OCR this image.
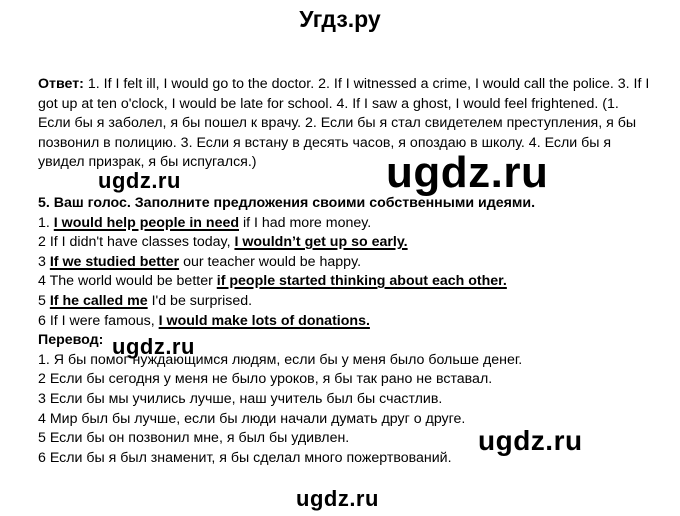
Угдз.ру
Ответ: 1. If I felt ill, I would go to the doctor. 2. If I witnessed a crime, I would call the police. 3. If I got up at ten o'clock, I would be late for school. 4. If I saw a ghost, I would feel frightened. (1. Если бы я заболел, я бы пошел к врачу. 2. Если бы я стал свидетелем преступления, я бы позвонил в полицию. 3. Если я встану в десять часов, я опоздаю в школу. 4. Если бы я увидел призрак, я бы испугался.)
5. Ваш голос. Заполните предложения своими собственными идеями.
1. I would help people in need if I had more money.
2 If I didn't have classes today, I wouldn’t get up so early.
3 If we studied better our teacher would be happy.
4 The world would be better if people started thinking about each other.
5 If he called me I'd be surprised.
6 If I were famous, I would make lots of donations.
Перевод:
1. Я бы помог нуждающимся людям, если бы у меня было больше денег.
2 Если бы сегодня у меня не было уроков, я бы так рано не вставал.
3 Если бы мы учились лучше, наш учитель был бы счастлив.
4 Мир был бы лучше, если бы люди начали думать друг о друге.
5 Если бы он позвонил мне, я был бы удивлен.
6 Если бы я был знаменит, я бы сделал много пожертвований.
ugdz.ru	ugdz.ru
ugdz.ru
ugdz.ru
ugdz.ru
